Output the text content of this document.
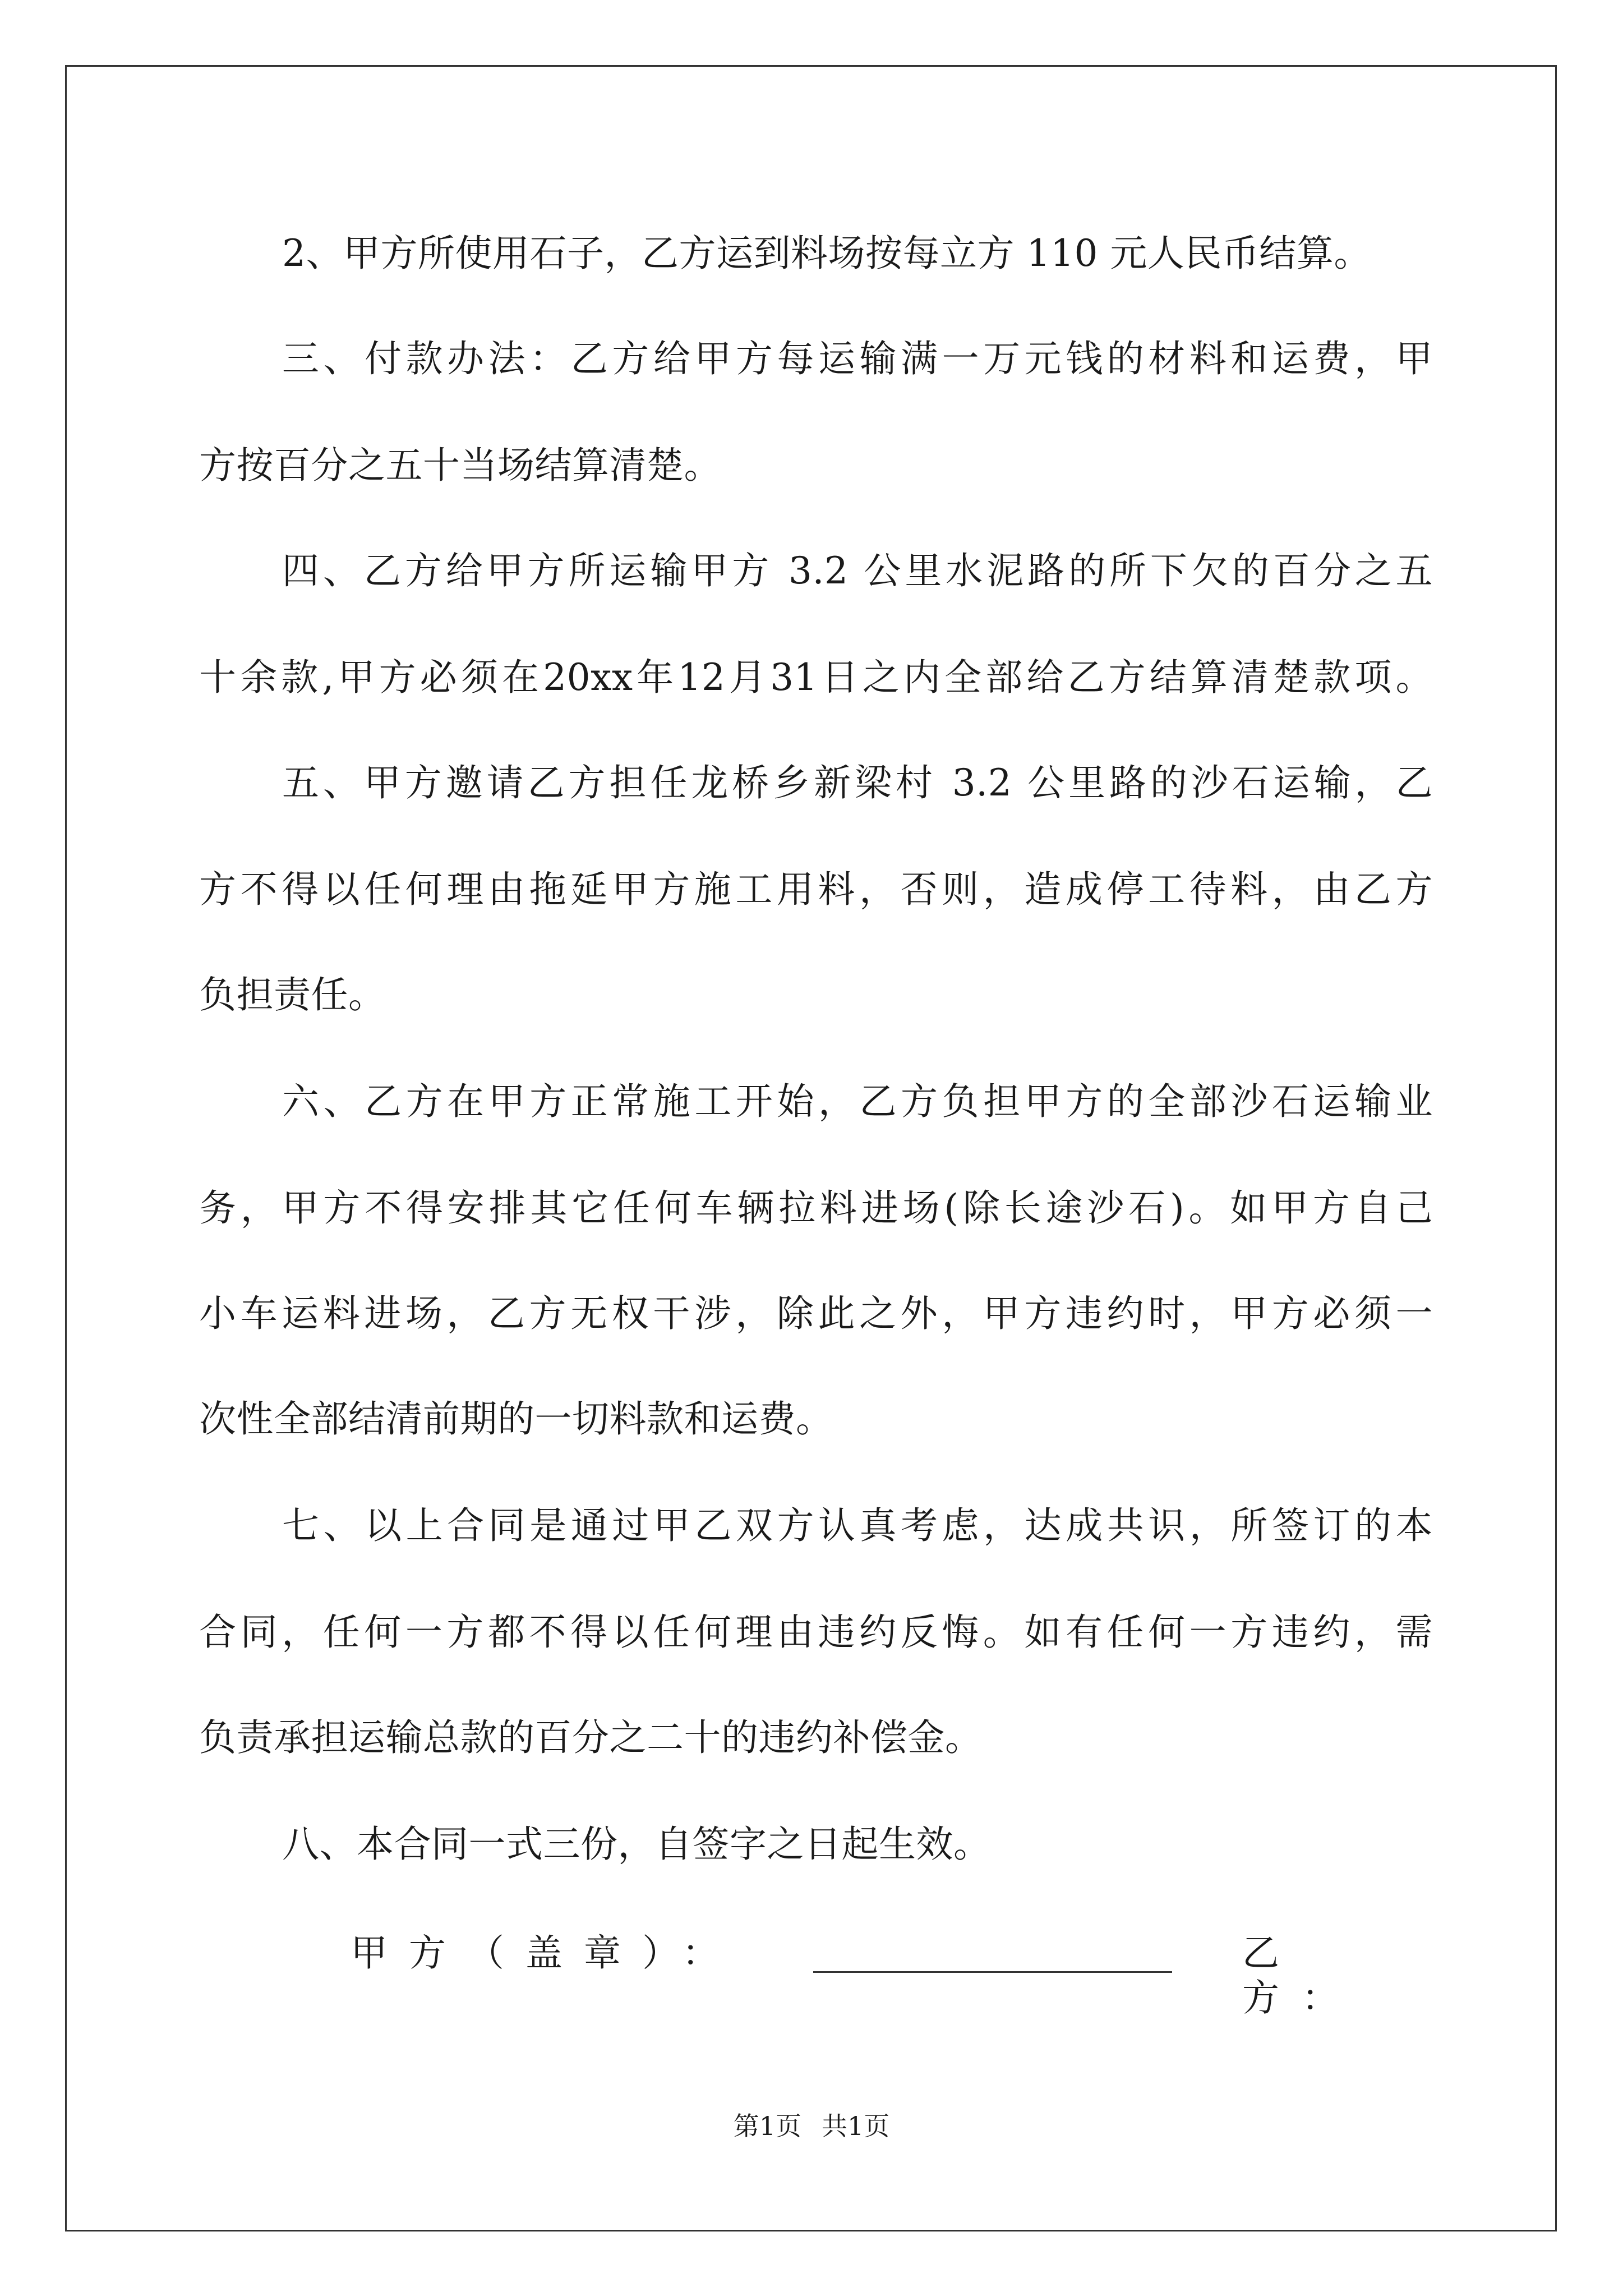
2、甲方所使用石子，乙方运到料场按每立方 110 元人民币结算。
三、付款办法：乙方给甲方每运输满一万元钱的材料和运费，甲
方按百分之五十当场结算清楚。
四、乙方给甲方所运输甲方 3.2 公里水泥路的所下欠的百分之五
十余款,甲方必须在20xx年12月31日之内全部给乙方结算清楚款项。
五、甲方邀请乙方担任龙桥乡新梁村 3.2 公里路的沙石运输，乙
方不得以任何理由拖延甲方施工用料，否则，造成停工待料，由乙方
负担责任。
六、乙方在甲方正常施工开始，乙方负担甲方的全部沙石运输业
务，甲方不得安排其它任何车辆拉料进场(除长途沙石)。如甲方自己
小车运料进场，乙方无权干涉，除此之外，甲方违约时，甲方必须一
次性全部结清前期的一切料款和运费。
七、以上合同是通过甲乙双方认真考虑，达成共识，所签订的本
合同，任何一方都不得以任何理由违约反悔。如有任何一方违约，需
负责承担运输总款的百分之二十的违约补偿金。
八、本合同一式三份，自签字之日起生效。
甲方（盖章）：	乙方：
第1页 共1页
